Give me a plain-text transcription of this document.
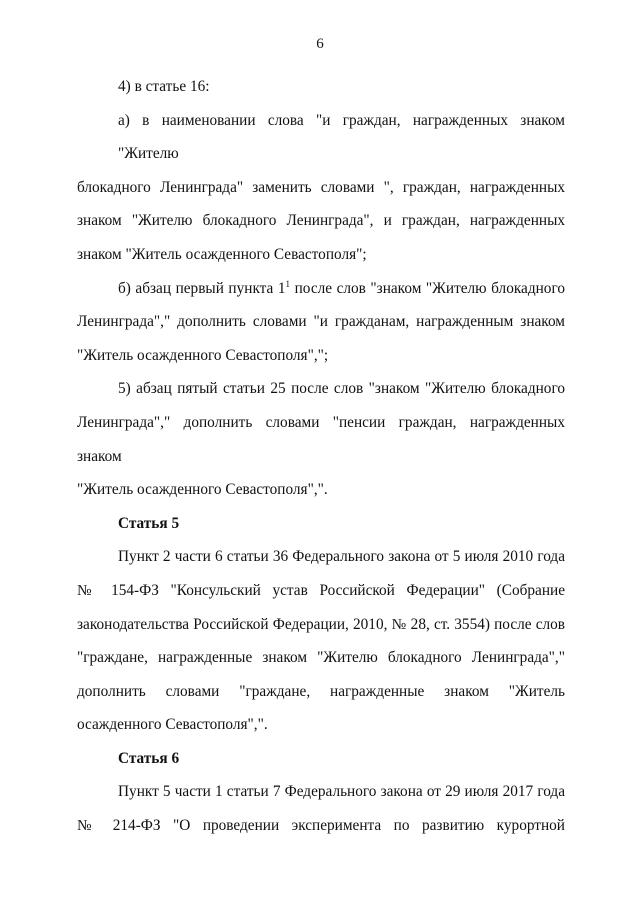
6
4) в статье 16:
а) в наименовании слова "и граждан, награжденных знаком "Жителю
блокадного Ленинграда" заменить словами ", граждан, награжденных
знаком "Жителю блокадного Ленинграда", и граждан, награжденных
знаком "Житель осажденного Севастополя";
б) абзац первый пункта $1^1$ после слов "знаком "Жителю блокадного
Ленинграда"," дополнить словами "и гражданам, награжденным знаком
"Житель осажденного Севастополя",";
5) абзац пятый статьи 25 после слов "знаком "Жителю блокадного
Ленинграда"," дополнить словами "пенсии граждан, награжденных знаком
"Житель осажденного Севастополя",".
Статья 5
Пункт 2 части 6 статьи 36 Федерального закона от 5 июля 2010 года
№ 154-ФЗ "Консульский устав Российской Федерации" (Собрание
законодательства Российской Федерации, 2010, № 28, ст. 3554) после слов
"граждане, награжденные знаком "Жителю блокадного Ленинграда","
дополнить словами "граждане, награжденные знаком "Житель
осажденного Севастополя",".
Статья 6
Пункт 5 части 1 статьи 7 Федерального закона от 29 июля 2017 года
№ 214-ФЗ "О проведении эксперимента по развитию курортной
